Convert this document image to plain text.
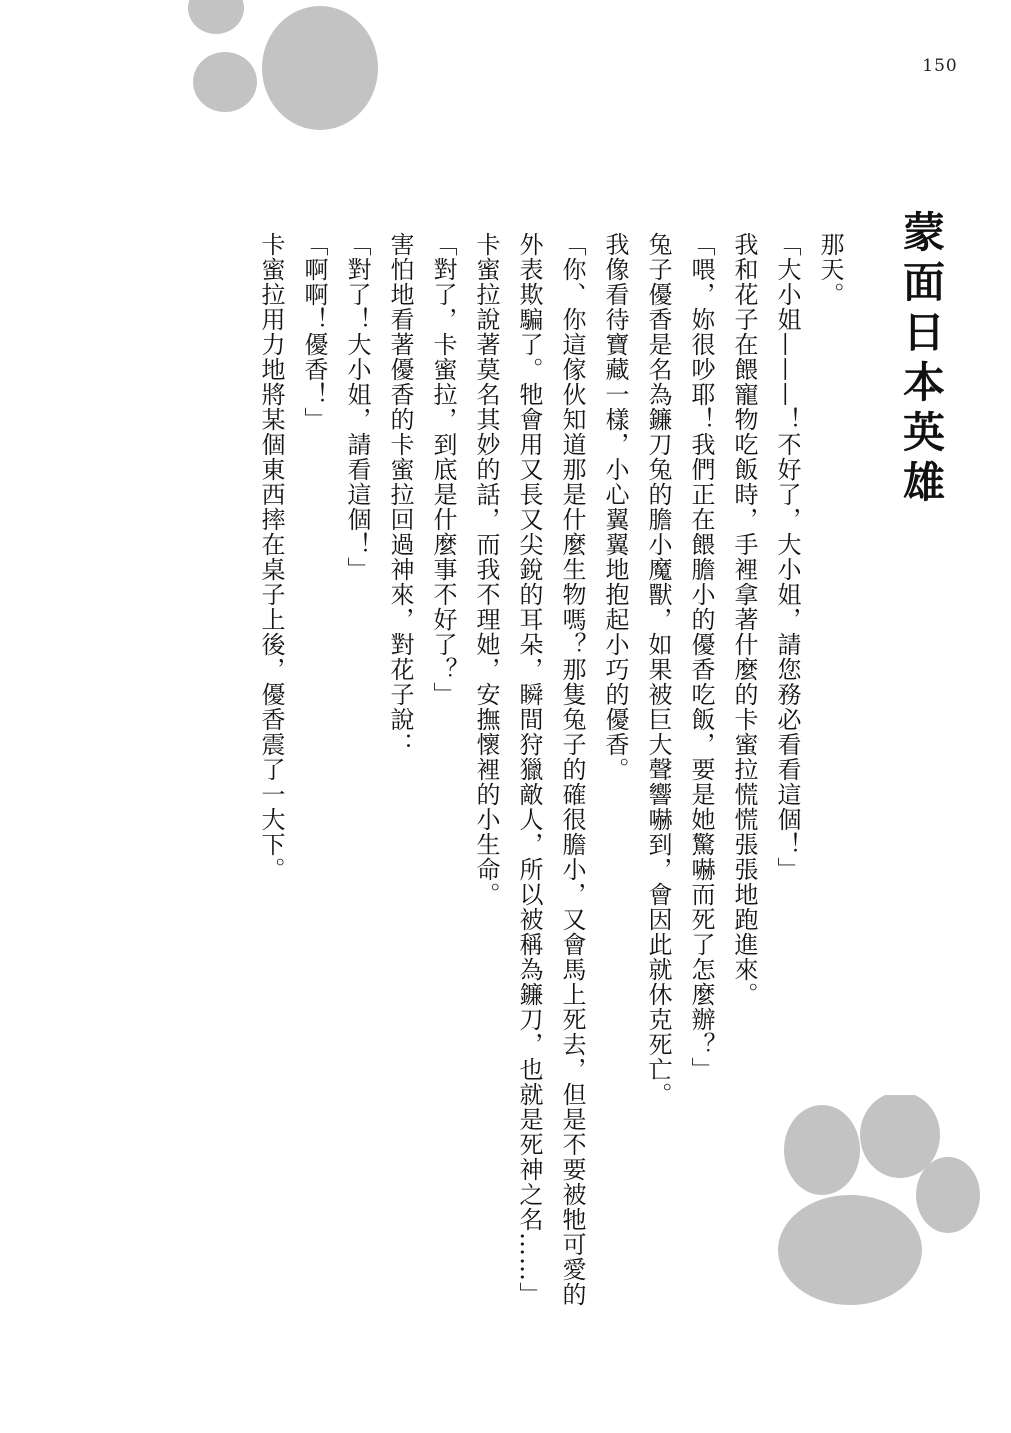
150
蒙面日本英雄

那天。

「大小姐———！不好了，大小姐，請您務必看看這個！」

我和花子在餵寵物吃飯時，手裡拿著什麼的卡蜜拉慌慌張張地跑進來。

「喂，妳很吵耶！我們正在餵膽小的優香吃飯，要是她驚嚇而死了怎麼辦？」

兔子優香是名為鐮刀兔的膽小魔獸，如果被巨大聲響嚇到，會因此就休克死亡。

我像看待寶藏一樣，小心翼翼地抱起小巧的優香。

「你、你這傢伙知道那是什麼生物嗎？那隻兔子的確很膽小，又會馬上死去，但是不要被牠可愛的外表欺騙了。牠會用又長又尖銳的耳朵，瞬間狩獵敵人，所以被稱為鐮刀，也就是死神之名……」

卡蜜拉說著莫名其妙的話，而我不理她，安撫懷裡的小生命。

「對了，卡蜜拉，到底是什麼事不好了？」

害怕地看著優香的卡蜜拉回過神來，對花子說：

「對了！大小姐，請看這個！」

「啊啊！優香！」

卡蜜拉用力地將某個東西摔在桌子上後，優香震了一大下。
